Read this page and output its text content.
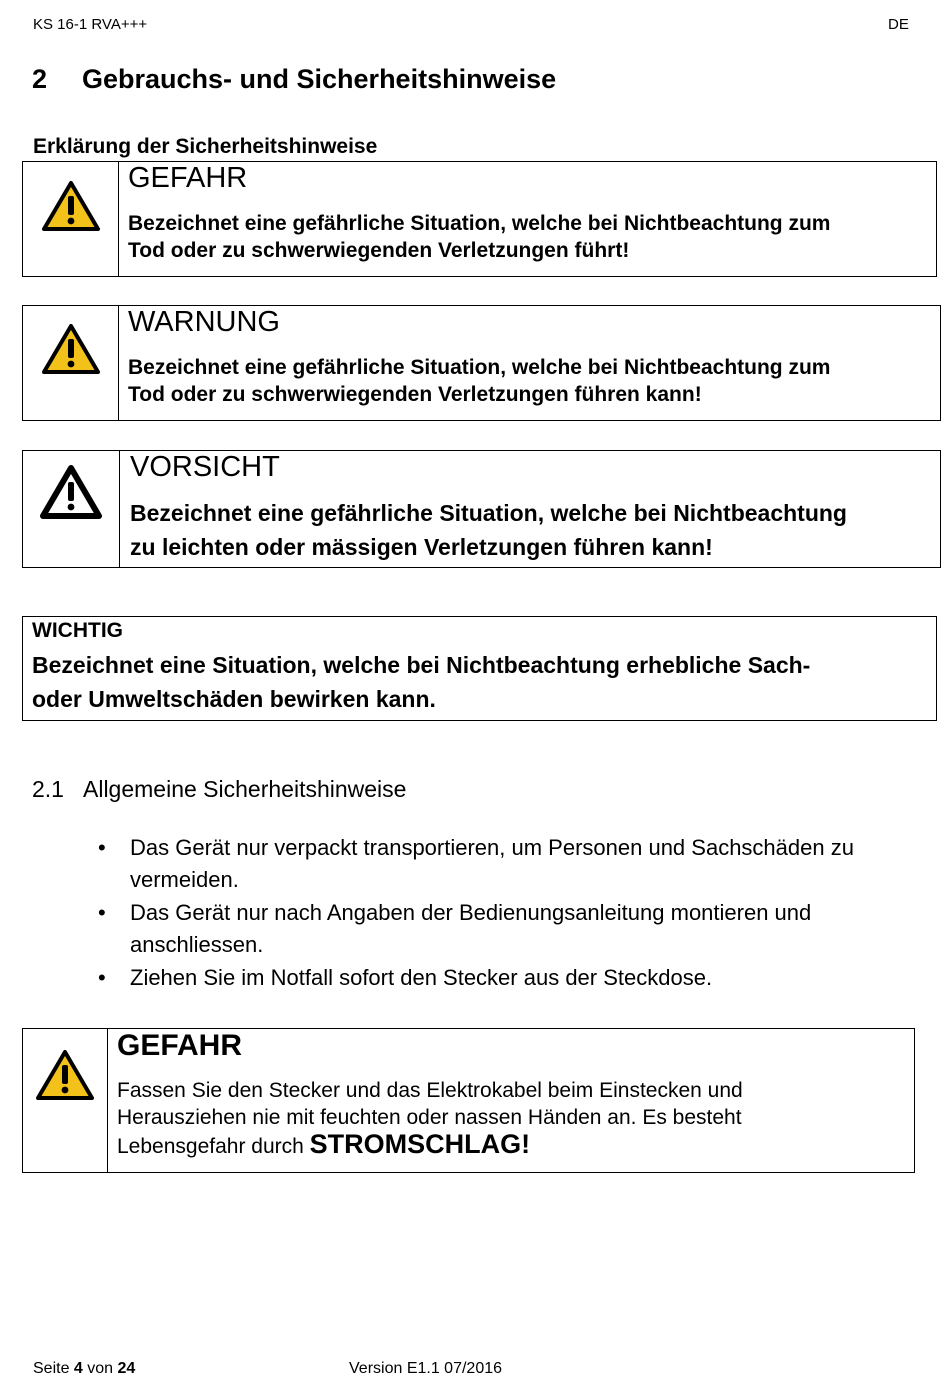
KS 16-1 RVA+++	DE
2 Gebrauchs- und Sicherheitshinweise
Erklärung der Sicherheitshinweise
GEFAHR
Bezeichnet eine gefährliche Situation, welche bei Nichtbeachtung zum
Tod oder zu schwerwiegenden Verletzungen führt!
WARNUNG
Bezeichnet eine gefährliche Situation, welche bei Nichtbeachtung zum
Tod oder zu schwerwiegenden Verletzungen führen kann!
VORSICHT
Bezeichnet eine gefährliche Situation, welche bei Nichtbeachtung
zu leichten oder mässigen Verletzungen führen kann!
WICHTIG
Bezeichnet eine Situation, welche bei Nichtbeachtung erhebliche Sach-
oder Umweltschäden bewirken kann.
2.1 Allgemeine Sicherheitshinweise
• Das Gerät nur verpackt transportieren, um Personen und Sachschäden zu
vermeiden.
• Das Gerät nur nach Angaben der Bedienungsanleitung montieren und
anschliessen.
• Ziehen Sie im Notfall sofort den Stecker aus der Steckdose.
GEFAHR
Fassen Sie den Stecker und das Elektrokabel beim Einstecken und
Herausziehen nie mit feuchten oder nassen Händen an. Es besteht
Lebensgefahr durch STROMSCHLAG!
Seite 4 von 24	Version E1.1 07/2016
